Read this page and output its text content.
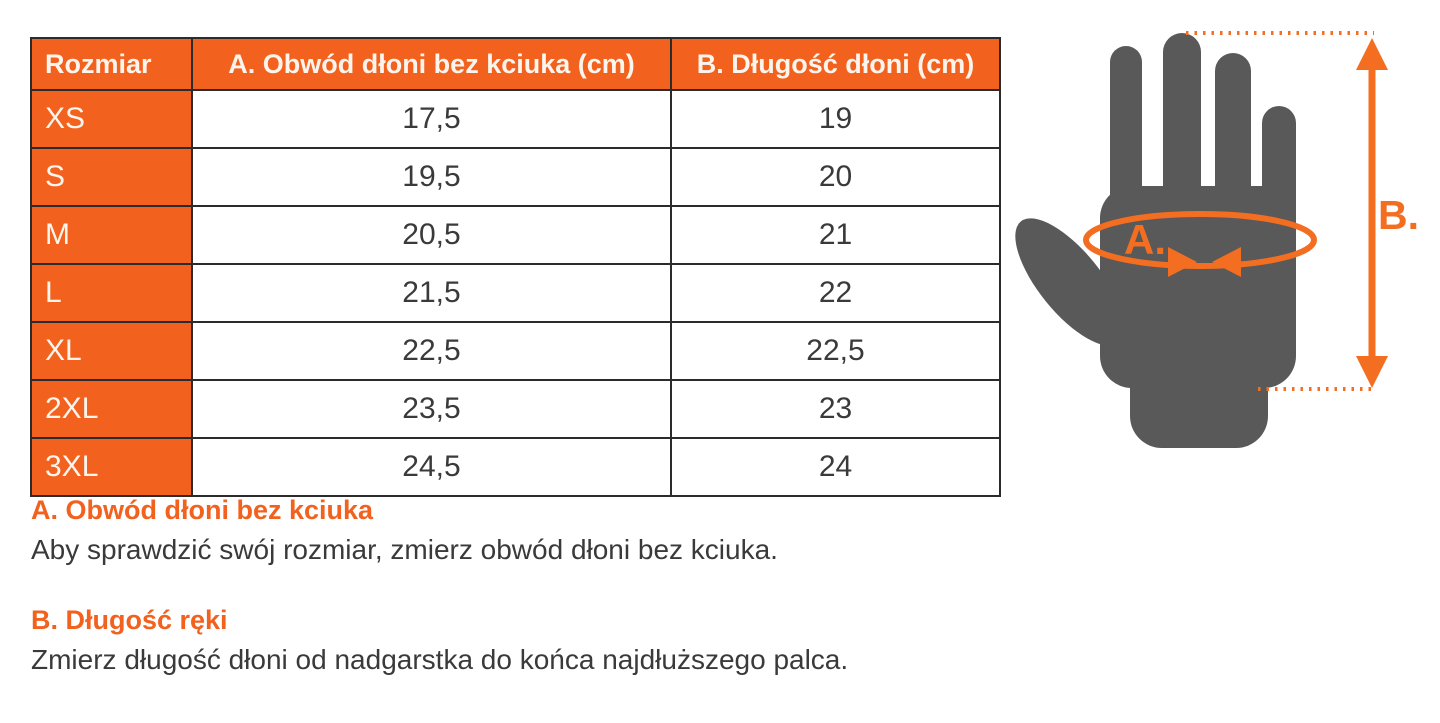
Rozmiar	A. Obwód dłoni bez kciuka (cm)	B. Długość dłoni (cm)
XS	17,5	19
S	19,5	20
M	20,5	21
L	21,5	22
XL	22,5	22,5
2XL	23,5	23
3XL	24,5	24

A. Obwód dłoni bez kciuka

Aby sprawdzić swój rozmiar, zmierz obwód dłoni bez kciuka.

B. Długość ręki

Zmierz długość dłoni od nadgarstka do końca najdłuższego palca.

A.
B.
